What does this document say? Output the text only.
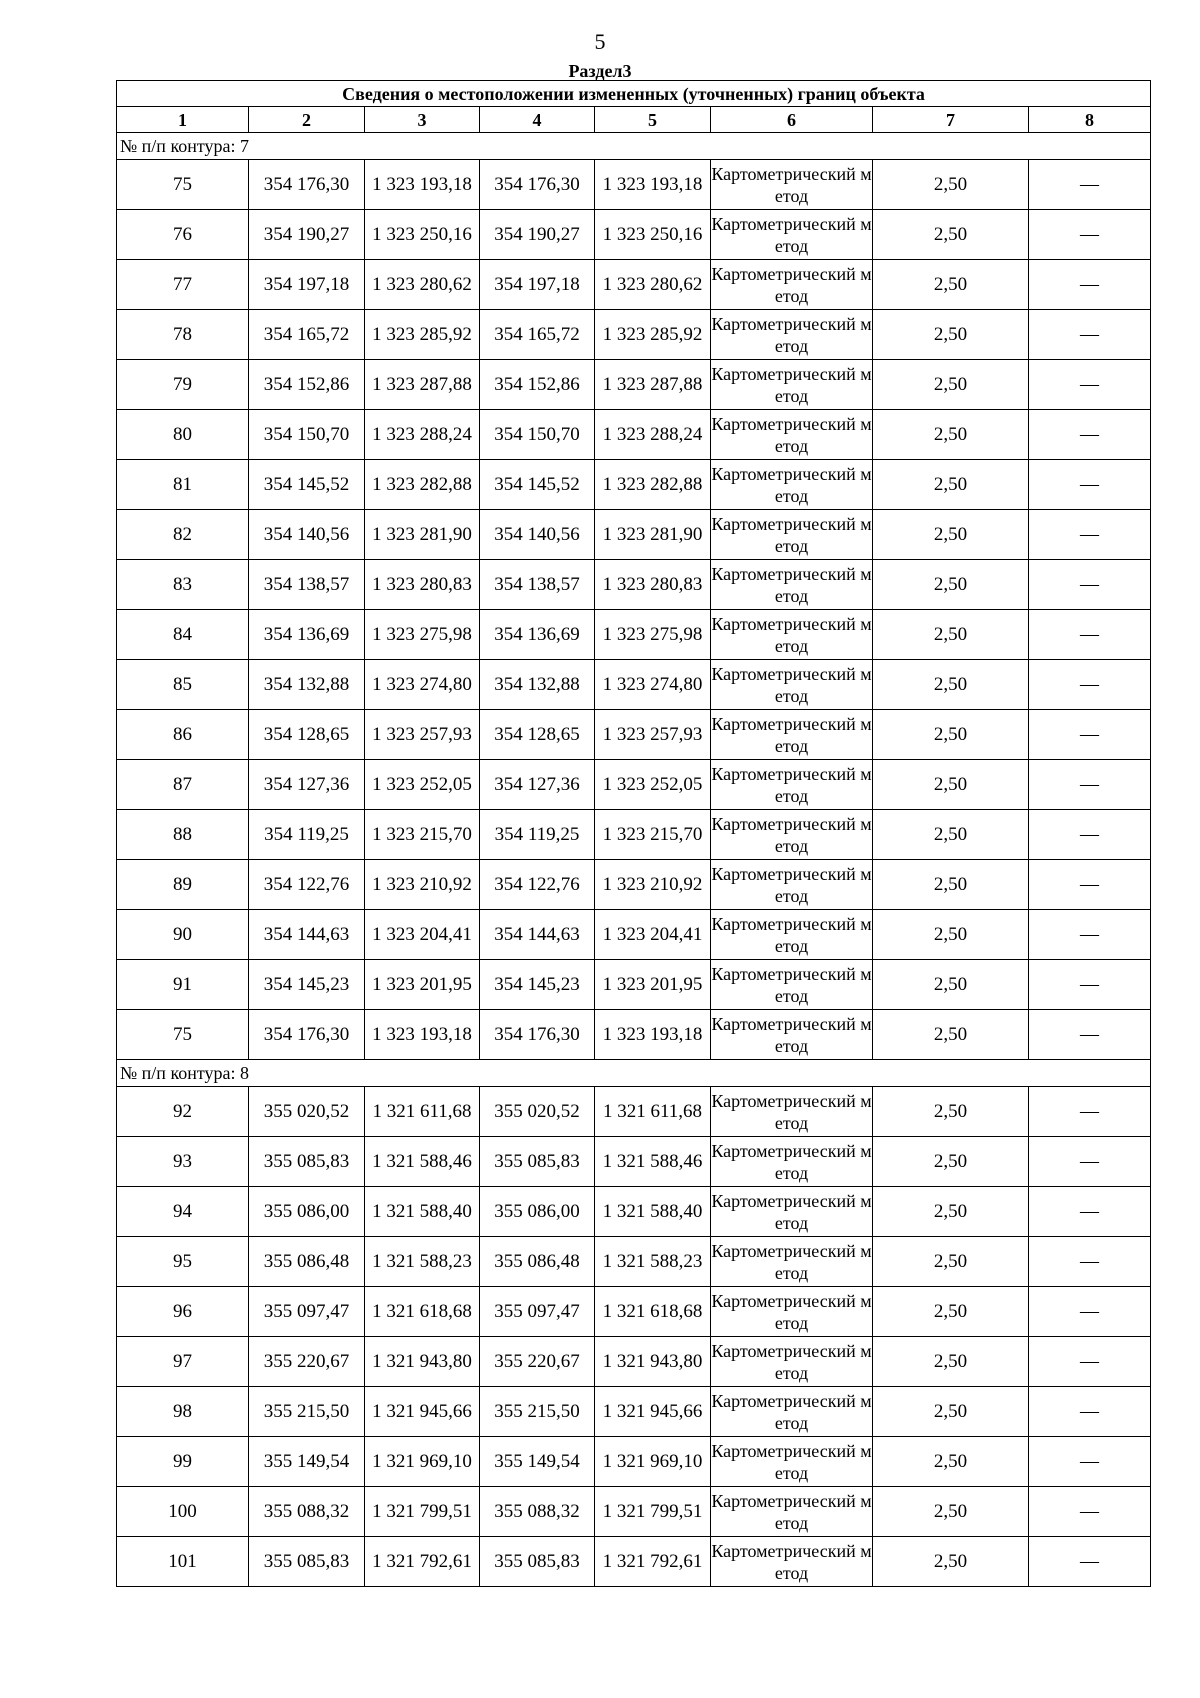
5
Раздел3
Сведения о местоположении измененных (уточненных) границ объекта							
1	2	3	4	5	6	7	8
№ п/п контура: 7							
75	354 176,30	1 323 193,18	354 176,30	1 323 193,18	Картометрический метод	2,50	—
76	354 190,27	1 323 250,16	354 190,27	1 323 250,16	Картометрический метод	2,50	—
77	354 197,18	1 323 280,62	354 197,18	1 323 280,62	Картометрический метод	2,50	—
78	354 165,72	1 323 285,92	354 165,72	1 323 285,92	Картометрический метод	2,50	—
79	354 152,86	1 323 287,88	354 152,86	1 323 287,88	Картометрический метод	2,50	—
80	354 150,70	1 323 288,24	354 150,70	1 323 288,24	Картометрический метод	2,50	—
81	354 145,52	1 323 282,88	354 145,52	1 323 282,88	Картометрический метод	2,50	—
82	354 140,56	1 323 281,90	354 140,56	1 323 281,90	Картометрический метод	2,50	—
83	354 138,57	1 323 280,83	354 138,57	1 323 280,83	Картометрический метод	2,50	—
84	354 136,69	1 323 275,98	354 136,69	1 323 275,98	Картометрический метод	2,50	—
85	354 132,88	1 323 274,80	354 132,88	1 323 274,80	Картометрический метод	2,50	—
86	354 128,65	1 323 257,93	354 128,65	1 323 257,93	Картометрический метод	2,50	—
87	354 127,36	1 323 252,05	354 127,36	1 323 252,05	Картометрический метод	2,50	—
88	354 119,25	1 323 215,70	354 119,25	1 323 215,70	Картометрический метод	2,50	—
89	354 122,76	1 323 210,92	354 122,76	1 323 210,92	Картометрический метод	2,50	—
90	354 144,63	1 323 204,41	354 144,63	1 323 204,41	Картометрический метод	2,50	—
91	354 145,23	1 323 201,95	354 145,23	1 323 201,95	Картометрический метод	2,50	—
75	354 176,30	1 323 193,18	354 176,30	1 323 193,18	Картометрический метод	2,50	—
№ п/п контура: 8							
92	355 020,52	1 321 611,68	355 020,52	1 321 611,68	Картометрический метод	2,50	—
93	355 085,83	1 321 588,46	355 085,83	1 321 588,46	Картометрический метод	2,50	—
94	355 086,00	1 321 588,40	355 086,00	1 321 588,40	Картометрический метод	2,50	—
95	355 086,48	1 321 588,23	355 086,48	1 321 588,23	Картометрический метод	2,50	—
96	355 097,47	1 321 618,68	355 097,47	1 321 618,68	Картометрический метод	2,50	—
97	355 220,67	1 321 943,80	355 220,67	1 321 943,80	Картометрический метод	2,50	—
98	355 215,50	1 321 945,66	355 215,50	1 321 945,66	Картометрический метод	2,50	—
99	355 149,54	1 321 969,10	355 149,54	1 321 969,10	Картометрический метод	2,50	—
100	355 088,32	1 321 799,51	355 088,32	1 321 799,51	Картометрический метод	2,50	—
101	355 085,83	1 321 792,61	355 085,83	1 321 792,61	Картометрический метод	2,50	—
